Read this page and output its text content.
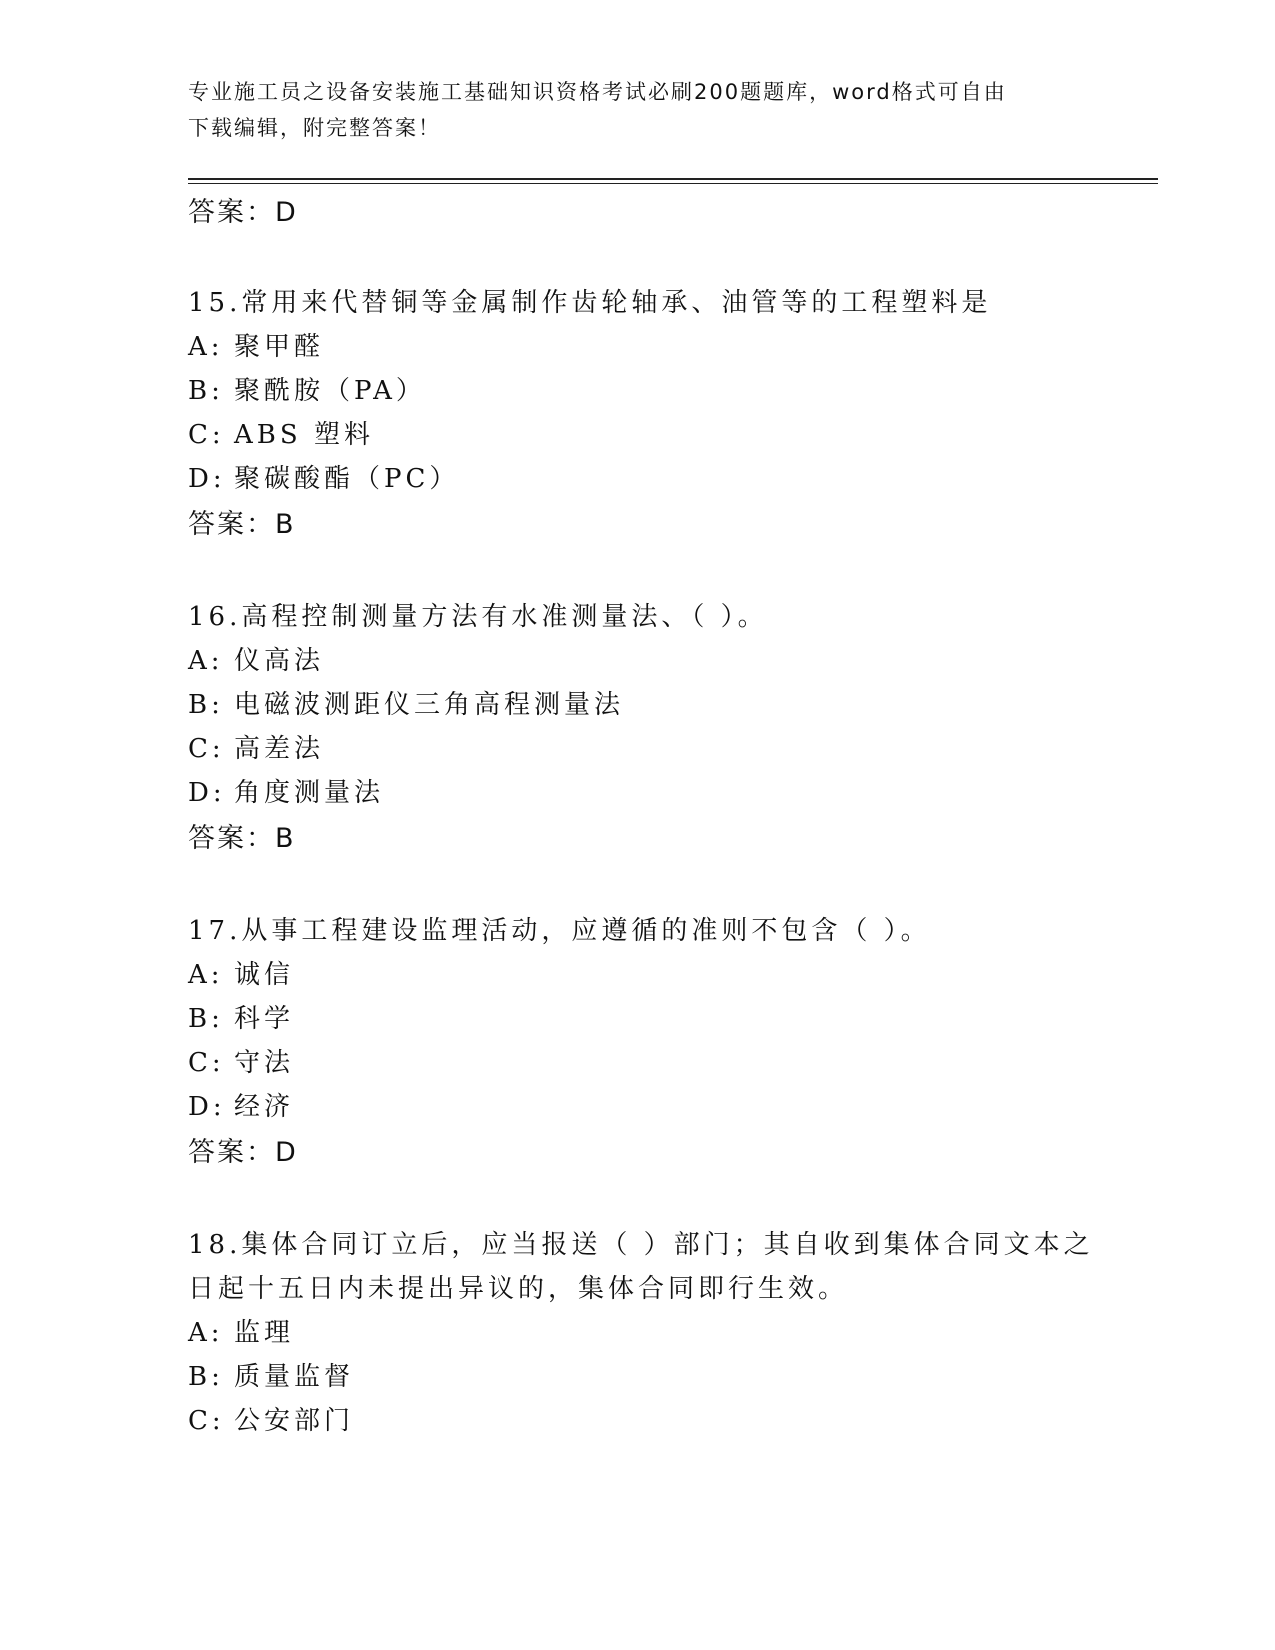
专业施工员之设备安装施工基础知识资格考试必刷200题题库，word格式可自由
下载编辑，附完整答案！
答案：D
15.常用来代替铜等金属制作齿轮轴承、油管等的工程塑料是
A: 聚甲醛
B: 聚酰胺（PA）
C: ABS 塑料
D: 聚碳酸酯（PC）
答案：B
16.高程控制测量方法有水准测量法、（ ）。
A: 仪高法
B: 电磁波测距仪三角高程测量法
C: 高差法
D: 角度测量法
答案：B
17.从事工程建设监理活动，应遵循的准则不包含（ ）。
A: 诚信
B: 科学
C: 守法
D: 经济
答案：D
18.集体合同订立后，应当报送（ ）部门；其自收到集体合同文本之
日起十五日内未提出异议的，集体合同即行生效。
A: 监理
B: 质量监督
C: 公安部门
